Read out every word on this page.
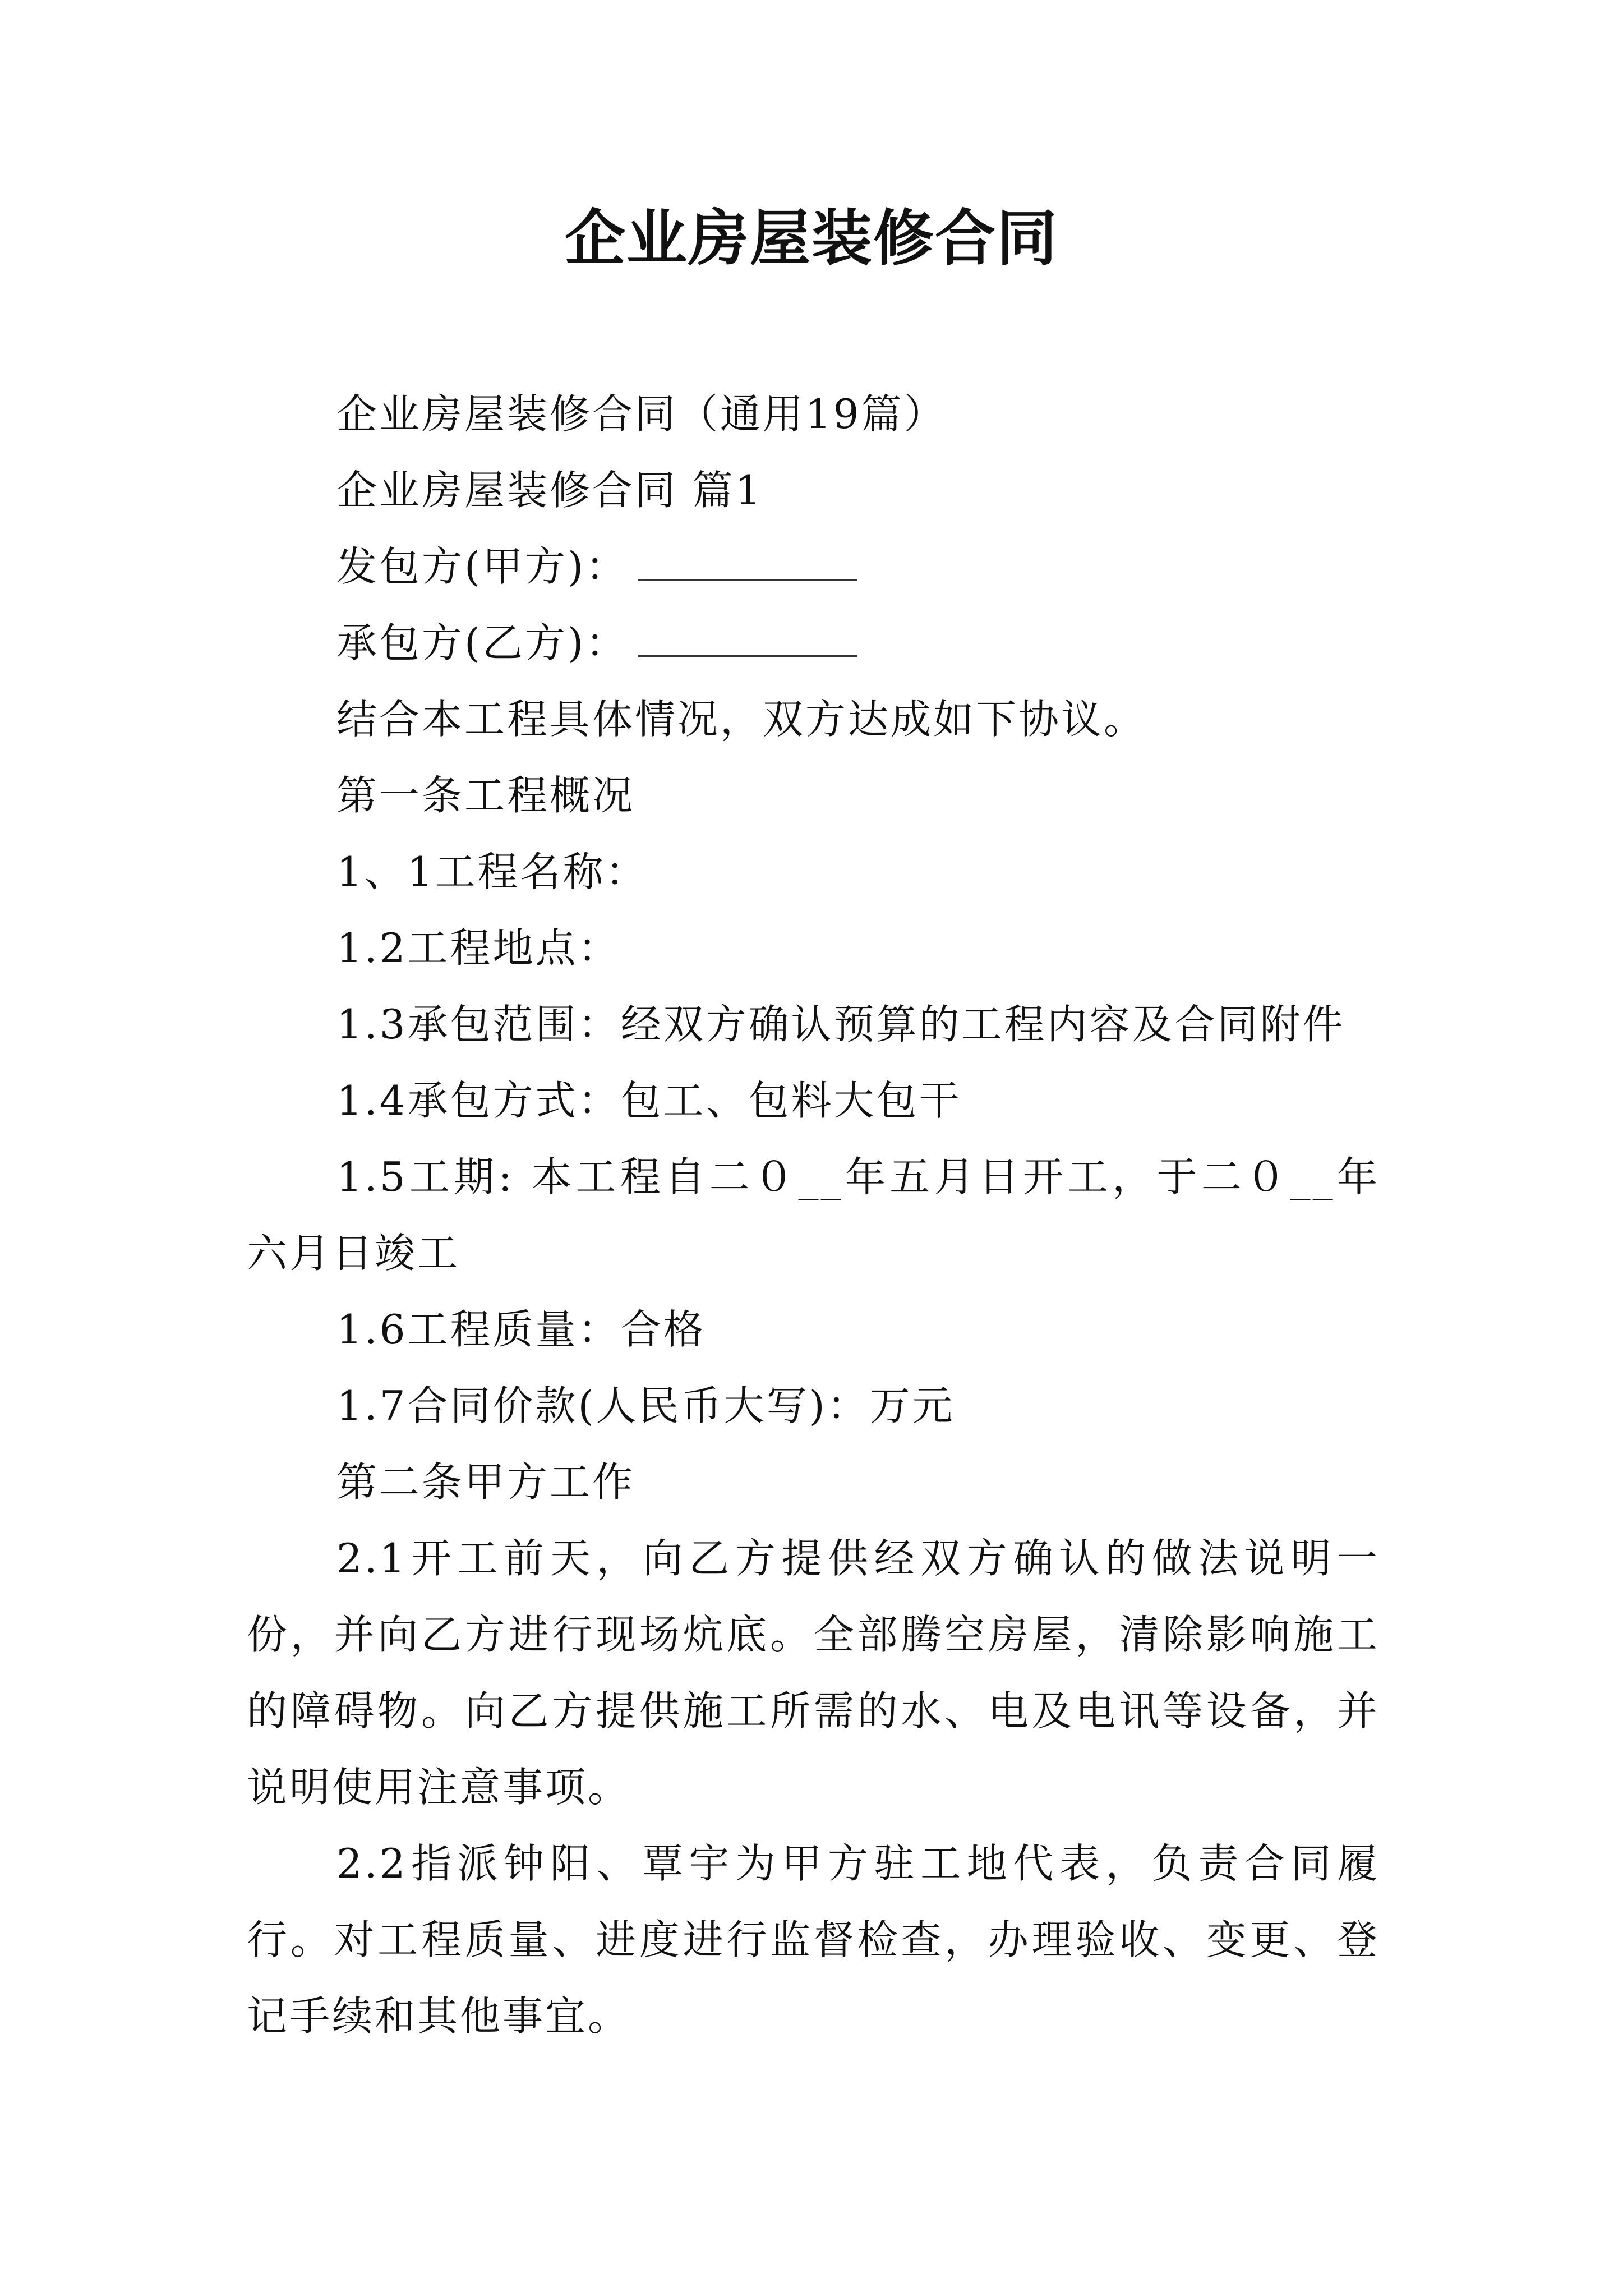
企业房屋装修合同

企业房屋装修合同（通用19篇）

企业房屋装修合同 篇1

发包方(甲方)：

承包方(乙方)：

结合本工程具体情况，双方达成如下协议。

第一条工程概况

1、1工程名称：

1.2工程地点：

1.3承包范围：经双方确认预算的工程内容及合同附件

1.4承包方式：包工、包料大包干

1.5工期: 本工程自二０__年五月日开工，于二０__年六月日竣工

1.6工程质量：合格

1.7合同价款(人民币大写)：万元

第二条甲方工作

2.1开工前天，向乙方提供经双方确认的做法说明一份，并向乙方进行现场炕底。全部腾空房屋，清除影响施工的障碍物。向乙方提供施工所需的水、电及电讯等设备，并说明使用注意事项。

2.2指派钟阳、覃宇为甲方驻工地代表，负责合同履行。对工程质量、进度进行监督检查，办理验收、变更、登记手续和其他事宜。
